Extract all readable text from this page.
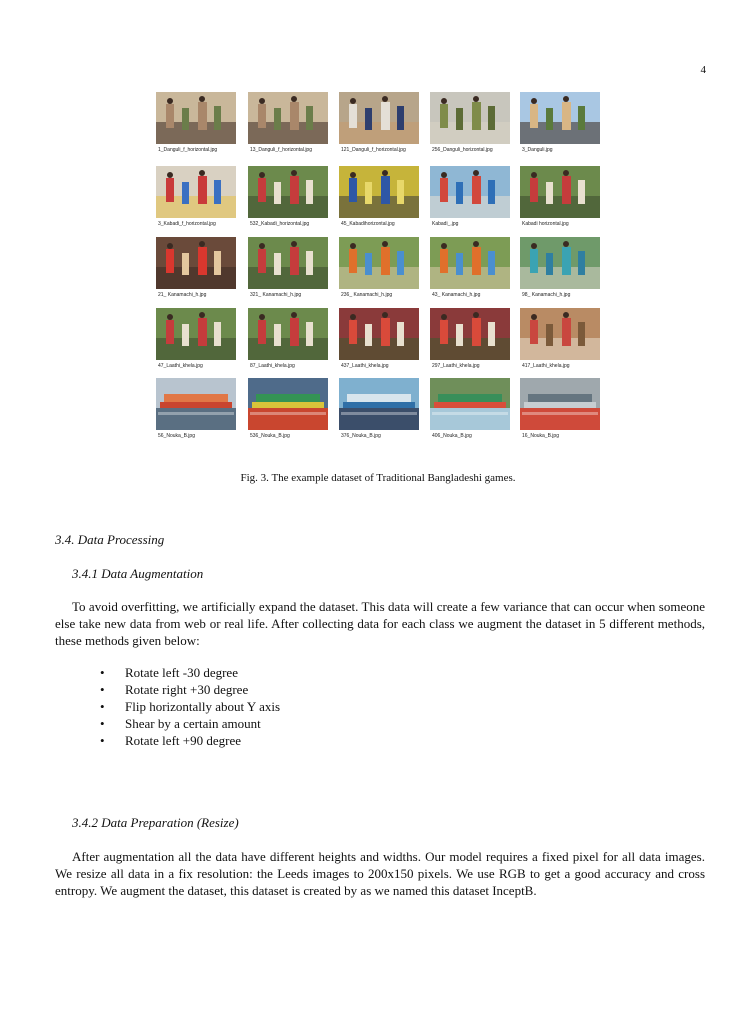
4
1_Danguli_f_horizontal.jpg	13_Danguli_f_horizontal.jpg	121_Danguli_f_horizontal.jpg	256_Danguli_horizontal.jpg	3_Danguli.jpg
3_Kabadi_f_horizontal.jpg	532_Kabadi_horizontal.jpg	45_Kabadihorizontal.jpg	Kabadi_.jpg	Kabadi horizontal.jpg
21_ Kanamachi_h.jpg	321_ Kanamachi_h.jpg	236_ Kanamachi_h.jpg	43_ Kanamachi_h.jpg	98_ Kanamachi_h.jpg
47_Laathi_khela.jpg	87_Laathi_khela.jpg	437_Laathi_khela.jpg	297_Laathi_khela.jpg	417_Laathi_khela.jpg
56_Nouka_B.jpg	536_Nouka_B.jpg	376_Nouka_B.jpg	406_Nouka_B.jpg	16_Nouka_B.jpg
Fig. 3. The example dataset of Traditional Bangladeshi games.
3.4. Data Processing
3.4.1 Data Augmentation
To avoid overfitting, we artificially expand the dataset. This data will create a few variance that can occur when someone else take new data from web or real life. After collecting data for each class we augment the dataset in 5 different methods, these methods given below:
• Rotate left -30 degree
• Rotate right +30 degree
• Flip horizontally about Y axis
• Shear by a certain amount
• Rotate left +90 degree
3.4.2 Data Preparation (Resize)
After augmentation all the data have different heights and widths. Our model requires a fixed pixel for all data images. We resize all data in a fix resolution: the Leeds images to 200x150 pixels. We use RGB to get a good accuracy and cross entropy. We augment the dataset, this dataset is created by as we named this dataset InceptB.
